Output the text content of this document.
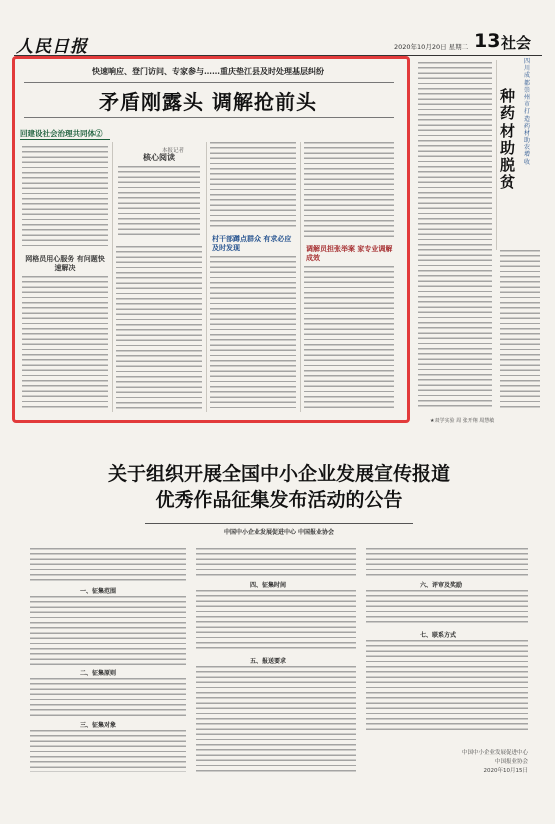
人民日报	2020年10月20日 星期二 13 社会
快速响应、登门访问、专家参与……重庆垫江县及时处理基层纠纷
矛盾刚露头 调解抢前头
回建设社会治理共同体②
网格员用心服务 有问题快速解决
核心阅读
村干部蹲点群众 有求必应及时发现
本报记者
调解员担张举案 家专业调解成效
四川成都崇州市打造药材助农增收
种药材 助脱贫
★双学实验 周 张开翔 周慧敏
关于组织开展全国中小企业发展宣传报道
优秀作品征集发布活动的公告
中国中小企业发展促进中心 中国报业协会
一、征集范围
二、征集原则
三、征集对象
四、征集时间
五、报送要求
六、评审及奖励
七、联系方式
中国中小企业发展促进中心
中国报业协会
2020年10月15日
